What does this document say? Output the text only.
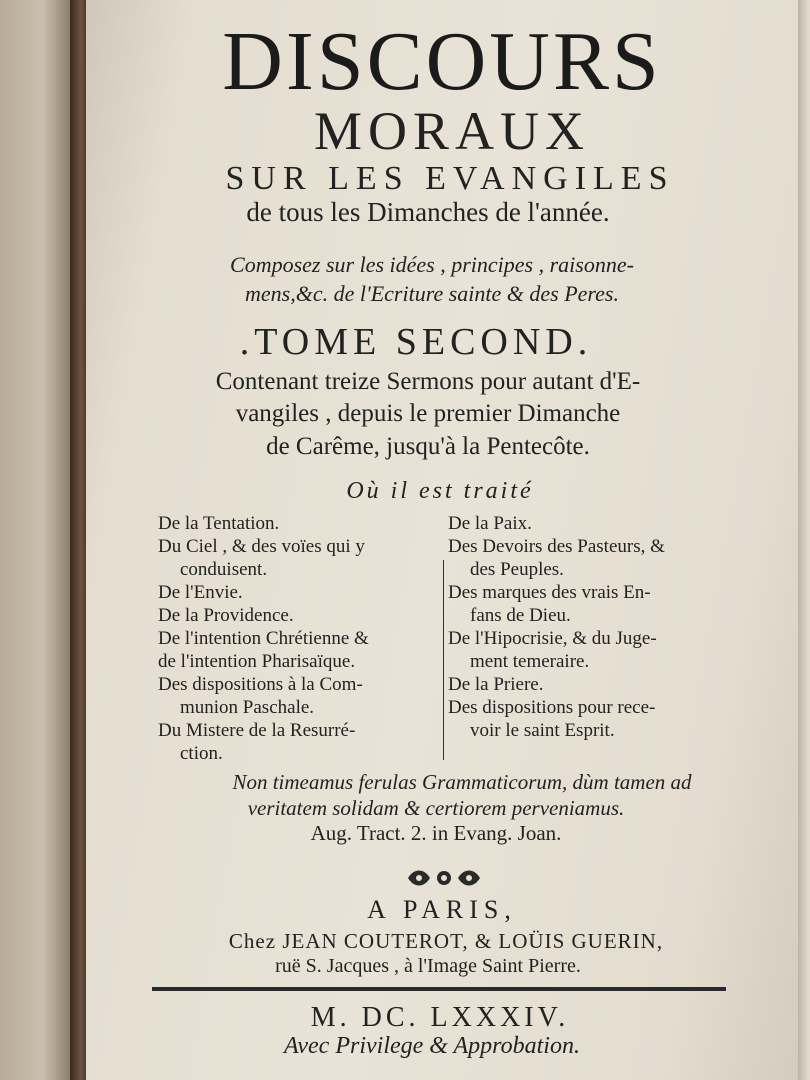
DISCOURS
MORAUX
SUR LES EVANGILES
de tous les Dimanches de l'année.
Composez sur les idées , principes , raisonne-
mens,&c. de l'Ecriture sainte & des Peres.
.TOME SECOND.
Contenant treize Sermons pour autant d'E-
vangiles , depuis le premier Dimanche
de Carême, jusqu'à la Pentecôte.
Où il est traité
De la Tentation.
Du Ciel , & des voïes qui y
conduisent.
De l'Envie.
De la Providence.
De l'intention Chrétienne &
de l'intention Pharisaïque.
Des dispositions à la Com-
munion Paschale.
Du Mistere de la Resurré-
ction.
De la Paix.
Des Devoirs des Pasteurs, &
des Peuples.
Des marques des vrais En-
fans de Dieu.
De l'Hipocrisie, & du Juge-
ment temeraire.
De la Priere.
Des dispositions pour rece-
voir le saint Esprit.
Non timeamus ferulas Grammaticorum, dùm tamen ad
veritatem solidam & certiorem perveniamus.
Aug. Tract. 2. in Evang. Joan.
A PARIS,
Chez JEAN COUTEROT, & LOÜIS GUERIN,
ruë S. Jacques , à l'Image Saint Pierre.
M. DC. LXXXIV.
Avec Privilege & Approbation.
